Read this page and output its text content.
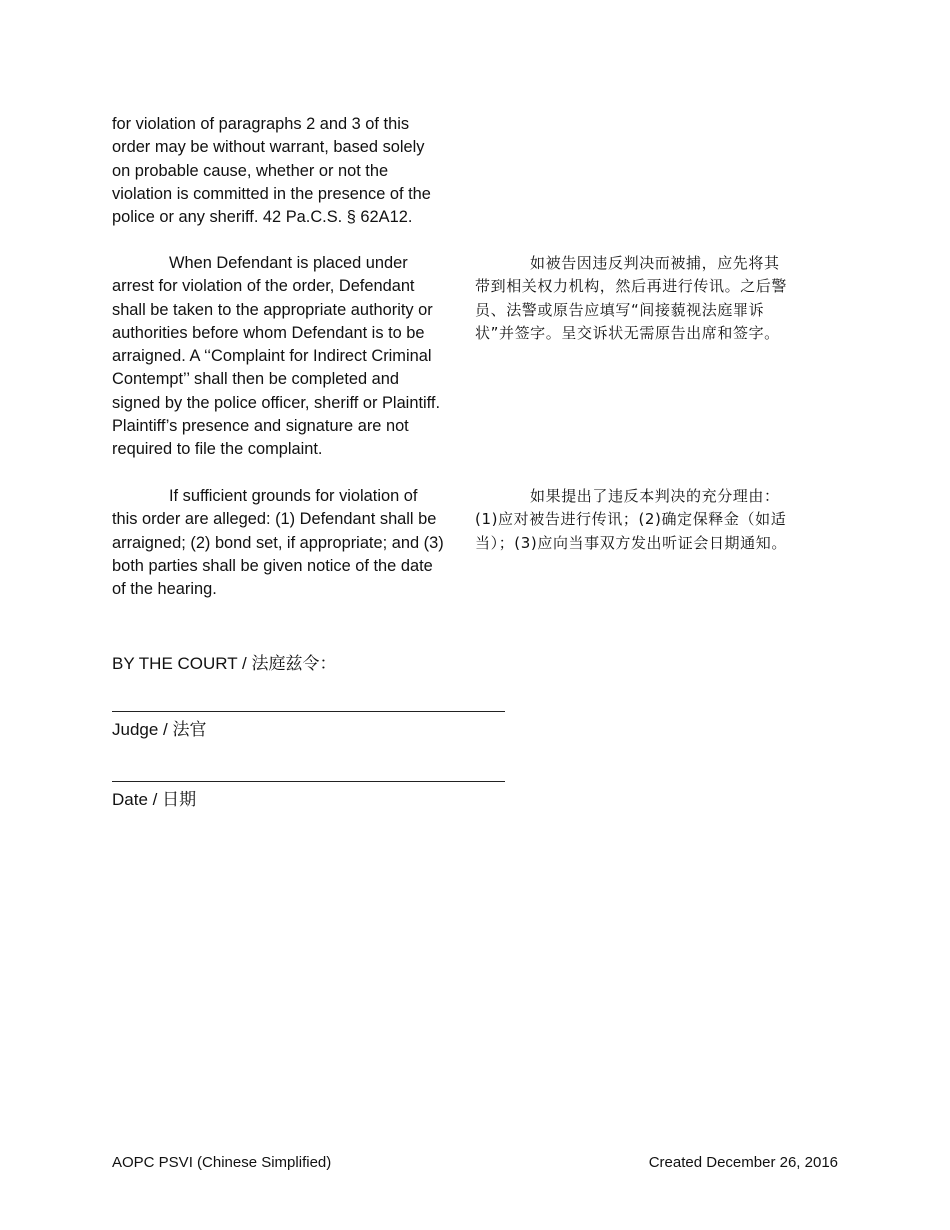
for violation of paragraphs 2 and 3 of this
order may be without warrant, based solely
on probable cause, whether or not the
violation is committed in the presence of the
police or any sheriff. 42 Pa.C.S. § 62A12.
When Defendant is placed under
arrest for violation of the order, Defendant
shall be taken to the appropriate authority or
authorities before whom Defendant is to be
arraigned. A ‘‘Complaint for Indirect Criminal
Contempt’’ shall then be completed and
signed by the police officer, sheriff or Plaintiff.
Plaintiff’s presence and signature are not
required to file the complaint.
如被告因违反判决而被捕，应先将其
带到相关权力机构，然后再进行传讯。之后警
员、法警或原告应填写“间接藐视法庭罪诉
状”并签字。呈交诉状无需原告出席和签字。
If sufficient grounds for violation of
this order are alleged: (1) Defendant shall be
arraigned; (2) bond set, if appropriate; and (3)
both parties shall be given notice of the date
of the hearing.
如果提出了违反本判决的充分理由：
(1)应对被告进行传讯；(2)确定保释金（如适
当）；(3)应向当事双方发出听证会日期通知。
BY THE COURT / 法庭兹令：
Judge / 法官
Date / 日期
AOPC PSVI (Chinese Simplified)	Created December 26, 2016
